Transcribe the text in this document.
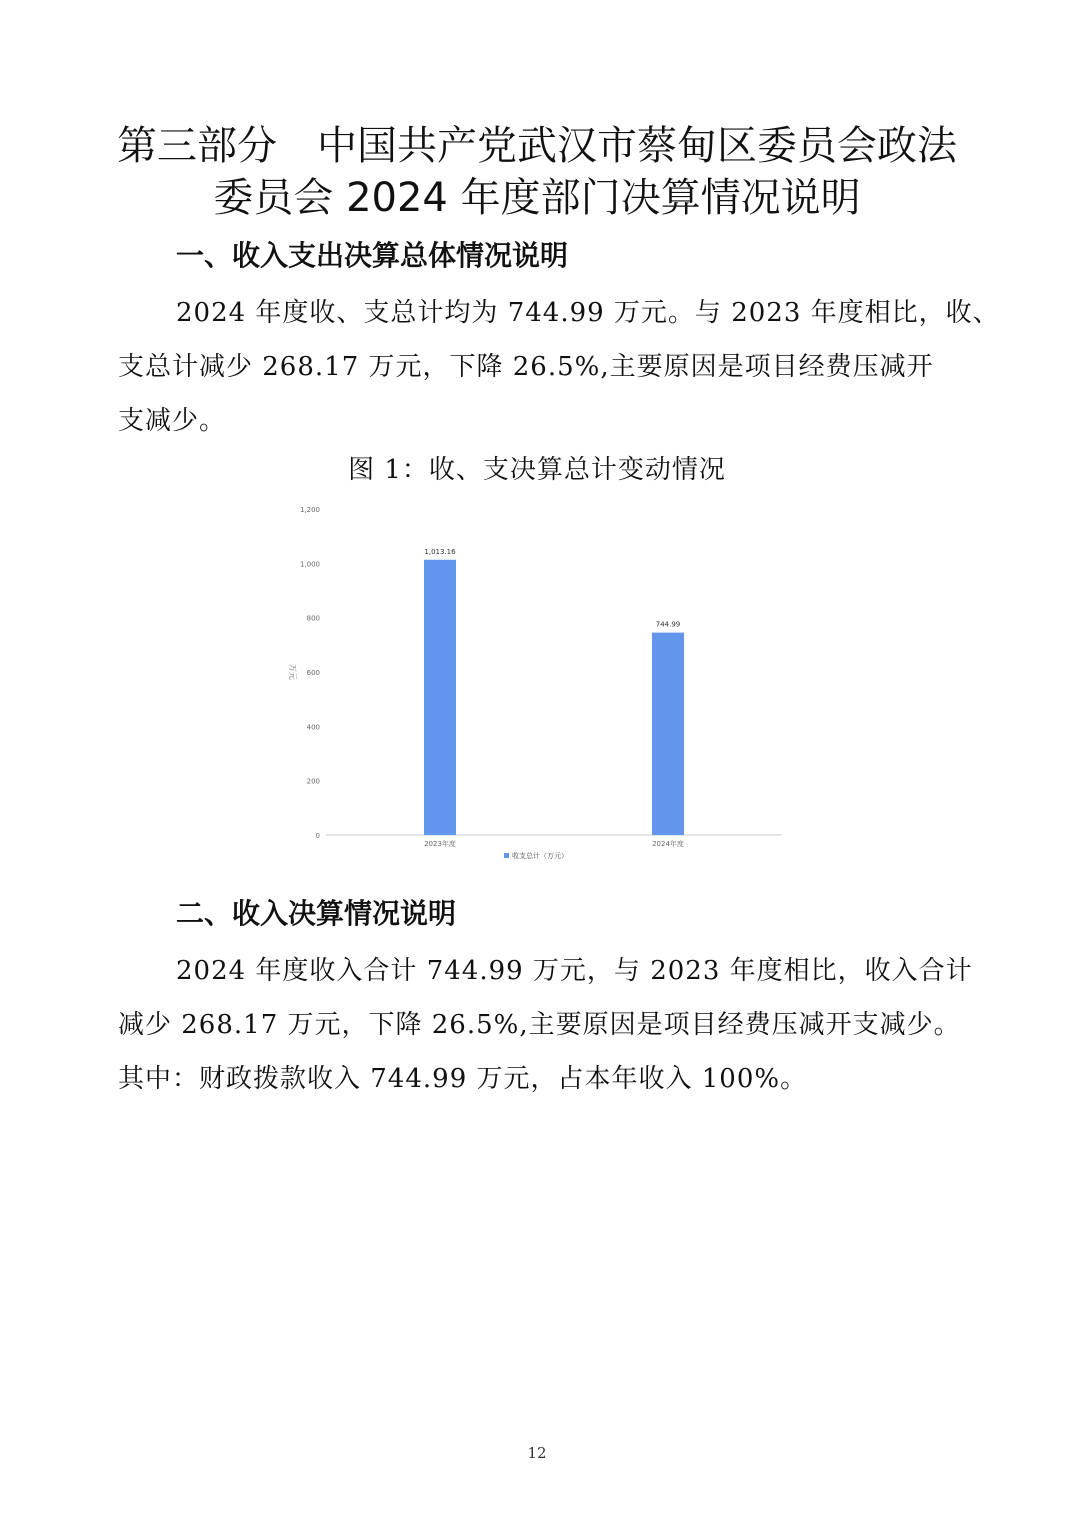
第三部分　中国共产党武汉市蔡甸区委员会政法
委员会 2024 年度部门决算情况说明
一、收入支出决算总体情况说明
2024 年度收、支总计均为 744.99 万元。与 2023 年度相比，收、
支总计减少 268.17 万元，下降 26.5%,主要原因是项目经费压减开
支减少。
图 1：收、支决算总计变动情况
0
200
400
600
800
1,000
1,200
万元
1,013.16
2023年度
744.99
2024年度
收支总计（万元）
二、收入决算情况说明
2024 年度收入合计 744.99 万元，与 2023 年度相比，收入合计
减少 268.17 万元，下降 26.5%,主要原因是项目经费压减开支减少。
其中：财政拨款收入 744.99 万元，占本年收入 100%。
12
